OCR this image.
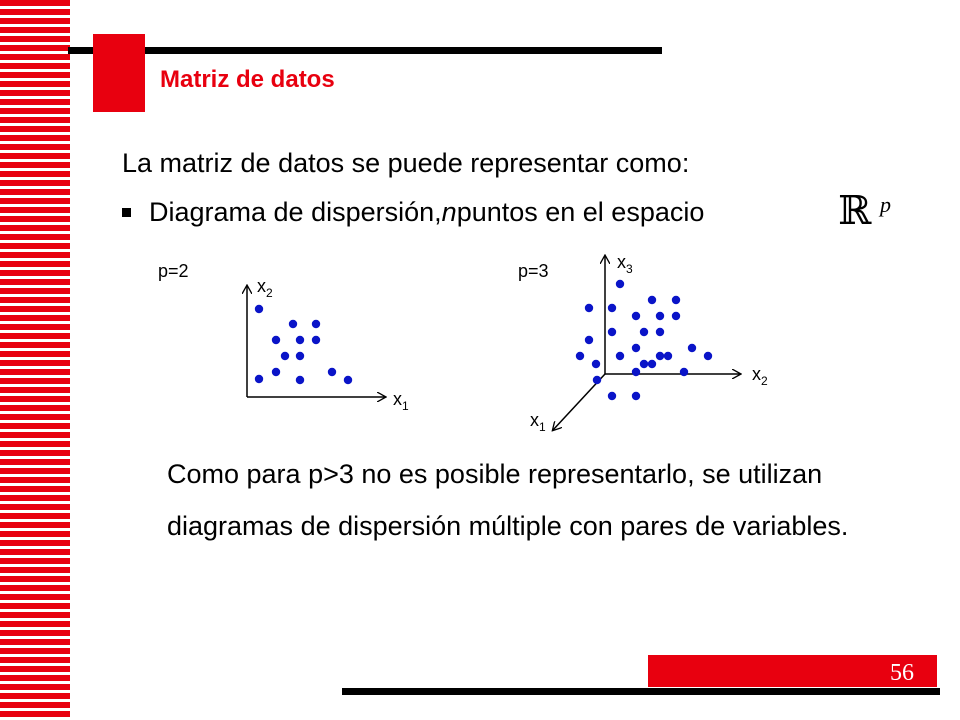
Matriz de datos
La matriz de datos se puede representar como:
Diagrama de dispersión, n puntos en el espacio	ℝ p
p=2
$x_2$
$x_1$
p=3	$x_3$
$x_2$
$x_1$
Como para p>3 no es posible representarlo, se utilizan diagramas de dispersión múltiple con pares de variables.
56
